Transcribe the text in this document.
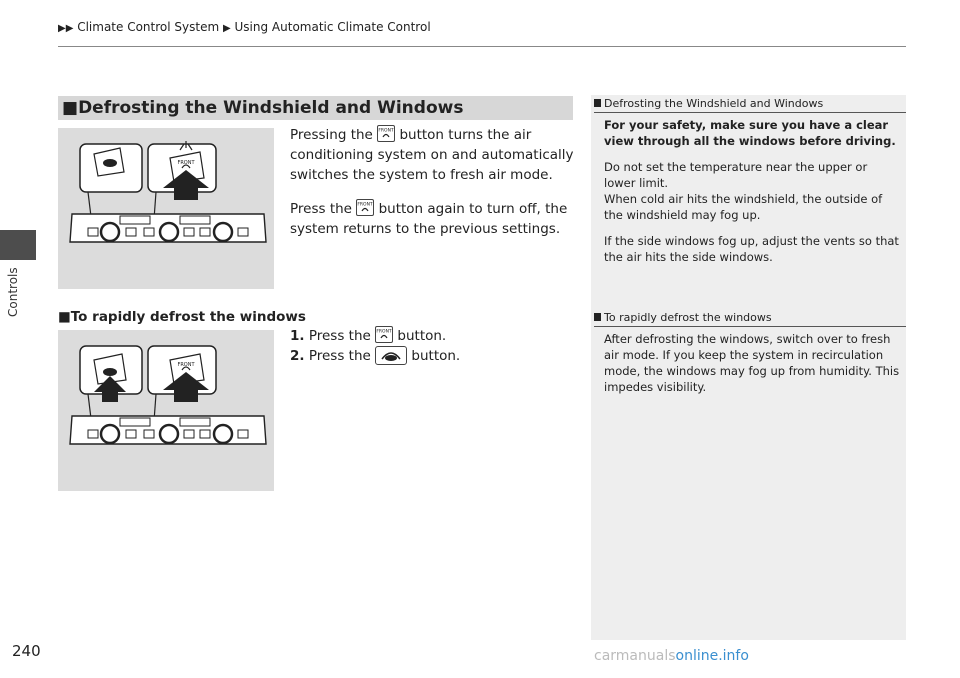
Controls
▶▶ Climate Control System ▶ Using Automatic Climate Control
■Defrosting the Windshield and Windows
FRONT
Pressing the FRONT button turns the air
conditioning system on and automatically
switches the system to fresh air mode.
Press the FRONT button again to turn off, the
system returns to the previous settings.
■To rapidly defrost the windows
1. Press the FRONT button.
2. Press the	button.
FRONT
Defrosting the Windshield and Windows
For your safety, make sure you have a clear view through all the windows before driving.
Do not set the temperature near the upper or lower limit.
When cold air hits the windshield, the outside of the windshield may fog up.
If the side windows fog up, adjust the vents so that the air hits the side windows.
To rapidly defrost the windows
After defrosting the windows, switch over to fresh air mode. If you keep the system in recirculation mode, the windows may fog up from humidity. This impedes visibility.
240	carmanualsonline.info
